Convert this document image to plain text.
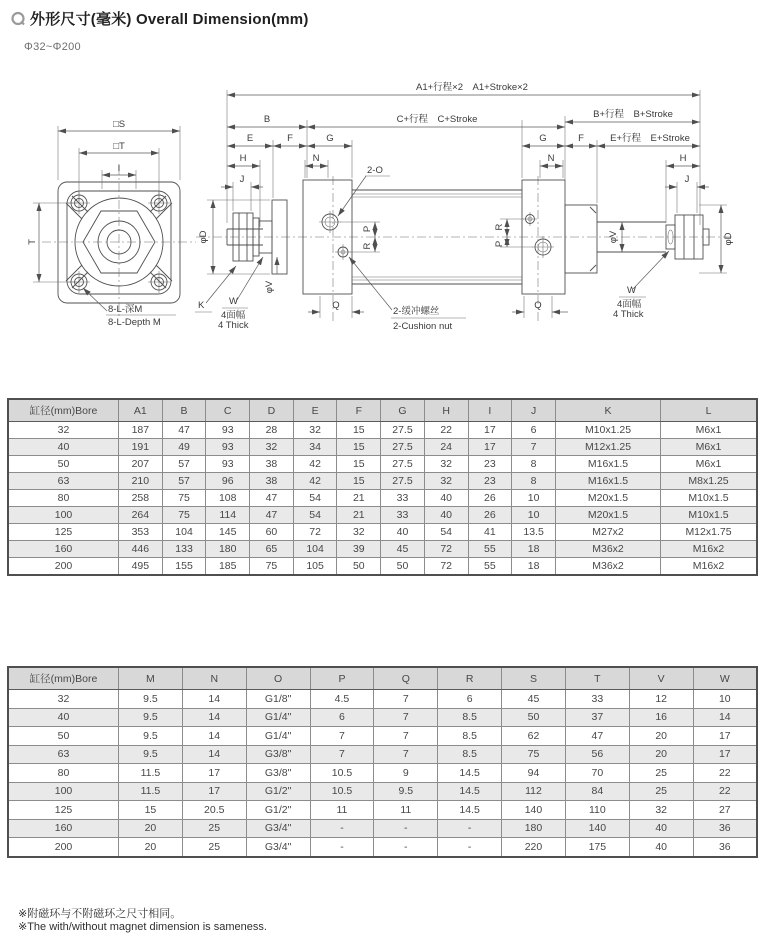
外形尺寸(毫米) Overall Dimension(mm)
Φ32~Φ200
□S
□T
I
T
8-L-深M
8-L-Depth M
A1+行程×2　A1+Stroke×2
B	C+行程　C+Stroke	B+行程　B+Stroke
E	F	G	G	F	E+行程　E+Stroke
H	N	N	H
J	J
Q	Q
P
R
R
P
φD	φD
φV
φV
2-O
2-缓冲螺丝
2-Cushion nut
K	W
4面幅
4 Thick
W
4面幅
4 Thick
缸径(mm)Bore	A1	B	C	D	E	F	G	H	I	J	K	L
32	187	47	93	28	32	15	27.5	22	17	6	M10x1.25	M6x1
40	191	49	93	32	34	15	27.5	24	17	7	M12x1.25	M6x1
50	207	57	93	38	42	15	27.5	32	23	8	M16x1.5	M6x1
63	210	57	96	38	42	15	27.5	32	23	8	M16x1.5	M8x1.25
80	258	75	108	47	54	21	33	40	26	10	M20x1.5	M10x1.5
100	264	75	114	47	54	21	33	40	26	10	M20x1.5	M10x1.5
125	353	104	145	60	72	32	40	54	41	13.5	M27x2	M12x1.75
160	446	133	180	65	104	39	45	72	55	18	M36x2	M16x2
200	495	155	185	75	105	50	50	72	55	18	M36x2	M16x2
缸径(mm)Bore	M	N	O	P	Q	R	S	T	V	W
32	9.5	14	G1/8"	4.5	7	6	45	33	12	10
40	9.5	14	G1/4"	6	7	8.5	50	37	16	14
50	9.5	14	G1/4"	7	7	8.5	62	47	20	17
63	9.5	14	G3/8"	7	7	8.5	75	56	20	17
80	11.5	17	G3/8"	10.5	9	14.5	94	70	25	22
100	11.5	17	G1/2"	10.5	9.5	14.5	112	84	25	22
125	15	20.5	G1/2"	11	11	14.5	140	110	32	27
160	20	25	G3/4"	-	-	-	180	140	40	36
200	20	25	G3/4"	-	-	-	220	175	40	36
※附磁环与不附磁环之尺寸相同。
※The with/without magnet dimension is sameness.
